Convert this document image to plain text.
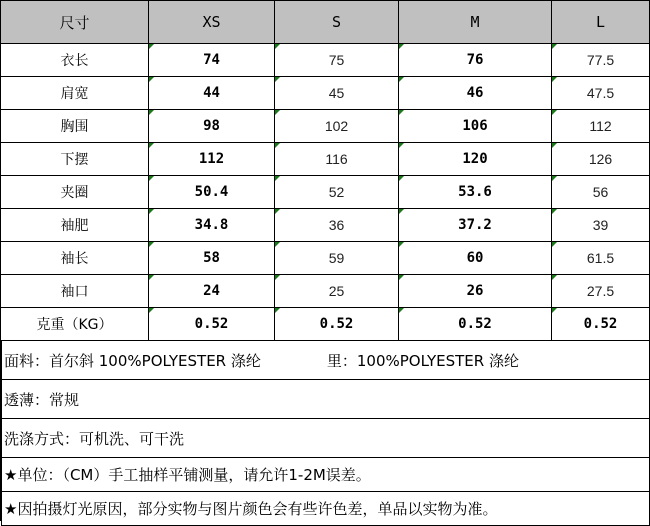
尺寸	XS	S	M	L
衣长	74	75	76	77.5
肩宽	44	45	46	47.5
胸围	98	102	106	112
下摆	112	116	120	126
夹圈	50.4	52	53.6	56
袖肥	34.8	36	37.2	39
袖长	58	59	60	61.5
袖口	24	25	26	27.5
克重（KG）	0.52	0.52	0.52	0.52
面料：首尔斜 100%POLYESTER 涤纶	里：100%POLYESTER 涤纶
透薄：常规
洗涤方式：可机洗、可干洗
★单位：（CM）手工抽样平铺测量，请允许1-2M误差。
★因拍摄灯光原因，部分实物与图片颜色会有些许色差，单品以实物为准。
